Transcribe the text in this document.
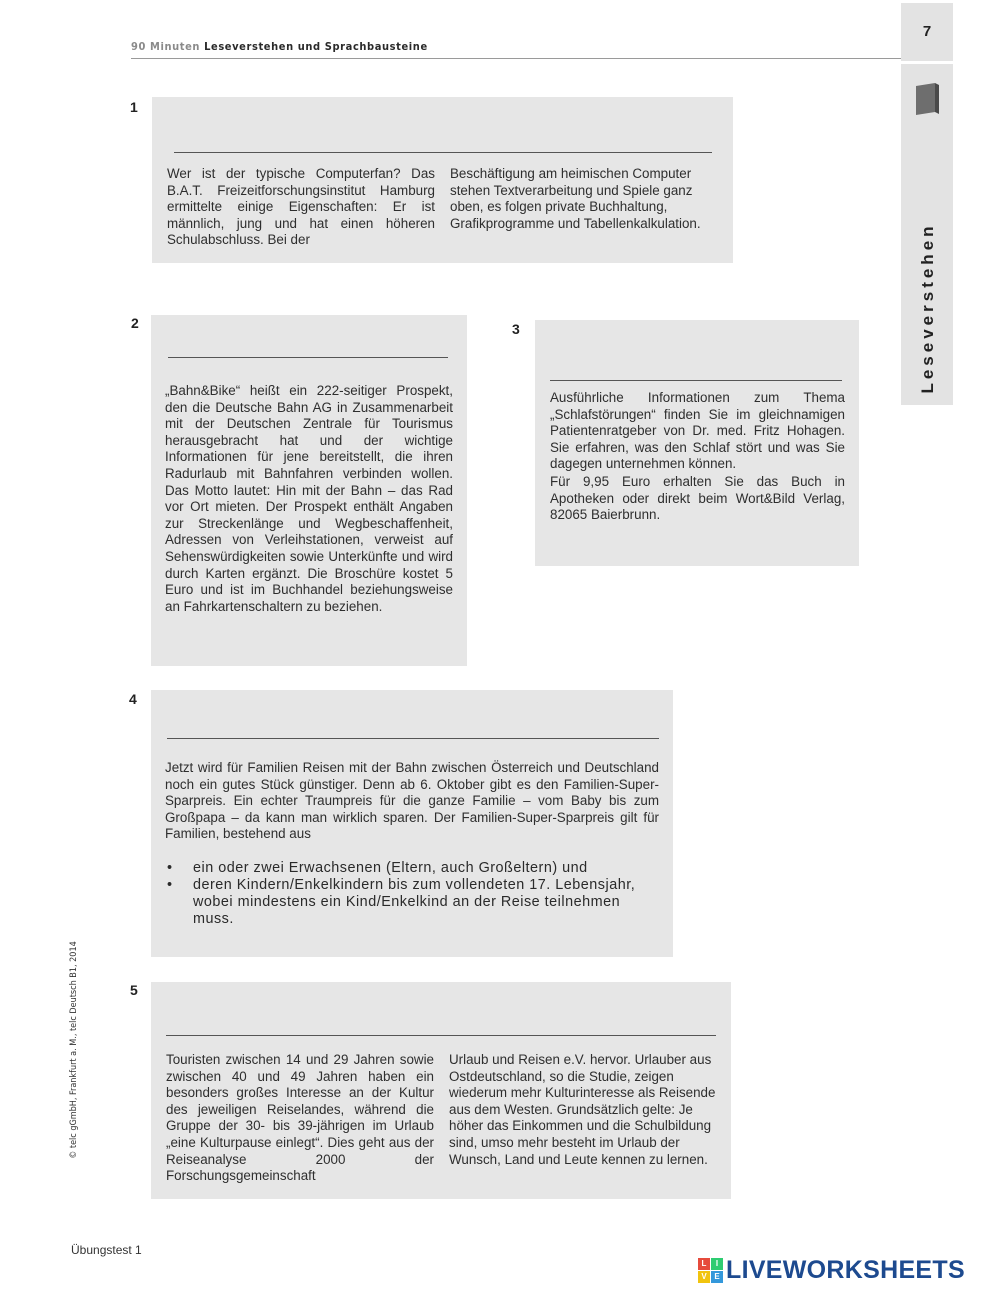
90 Minuten Leseverstehen und Sprachbausteine
7
Leseverstehen
1
Wer ist der typische Computerfan? Das B.A.T. Freizeitforschungsinstitut Hamburg ermittelte einige Eigenschaften: Er ist männlich, jung und hat einen höheren Schulabschluss. Bei der
Beschäftigung am heimischen Computer stehen Textverarbeitung und Spiele ganz oben, es folgen private Buchhaltung, Grafikprogramme und Tabellenkalkulation.
2
„Bahn&Bike“ heißt ein 222-seitiger Prospekt, den die Deutsche Bahn AG in Zusammenarbeit mit der Deutschen Zentrale für Tourismus herausgebracht hat und der wichtige Informationen für jene bereitstellt, die ihren Radurlaub mit Bahnfahren verbinden wollen. Das Motto lautet: Hin mit der Bahn – das Rad vor Ort mieten. Der Prospekt enthält Angaben zur Streckenlänge und Wegbeschaffenheit, Adressen von Verleihstationen, verweist auf Sehenswürdigkeiten sowie Unterkünfte und wird durch Karten ergänzt. Die Broschüre kostet 5 Euro und ist im Buchhandel beziehungsweise an Fahrkartenschaltern zu beziehen.
3
Ausführliche Informationen zum Thema „Schlafstörungen“ finden Sie im gleichnamigen Patientenratgeber von Dr. med. Fritz Hohagen. Sie erfahren, was den Schlaf stört und was Sie dagegen unternehmen können.
Für 9,95 Euro erhalten Sie das Buch in Apotheken oder direkt beim Wort&Bild Verlag, 82065 Baierbrunn.
4
Jetzt wird für Familien Reisen mit der Bahn zwischen Österreich und Deutschland noch ein gutes Stück günstiger. Denn ab 6. Oktober gibt es den Familien-Super-Sparpreis. Ein echter Traumpreis für die ganze Familie – vom Baby bis zum Großpapa – da kann man wirklich sparen. Der Familien-Super-Sparpreis gilt für Familien, bestehend aus
• ein oder zwei Erwachsenen (Eltern, auch Großeltern) und
• deren Kindern/Enkelkindern bis zum vollendeten 17. Lebensjahr, wobei mindestens ein Kind/Enkelkind an der Reise teilnehmen muss.
5
Touristen zwischen 14 und 29 Jahren sowie zwischen 40 und 49 Jahren haben ein besonders großes Interesse an der Kultur des jeweiligen Reiselandes, während die Gruppe der 30- bis 39-jährigen im Urlaub „eine Kulturpause einlegt“. Dies geht aus der Reiseanalyse 2000 der Forschungsgemeinschaft
Urlaub und Reisen e.V. hervor. Urlauber aus Ostdeutschland, so die Studie, zeigen wiederum mehr Kulturinteresse als Reisende aus dem Westen. Grundsätzlich gelte: Je höher das Einkommen und die Schulbildung sind, umso mehr besteht im Urlaub der Wunsch, Land und Leute kennen zu lernen.
© telc gGmbH, Frankfurt a. M., telc Deutsch B1, 2014
Übungstest 1
L	I
V E LIVEWORKSHEETS
